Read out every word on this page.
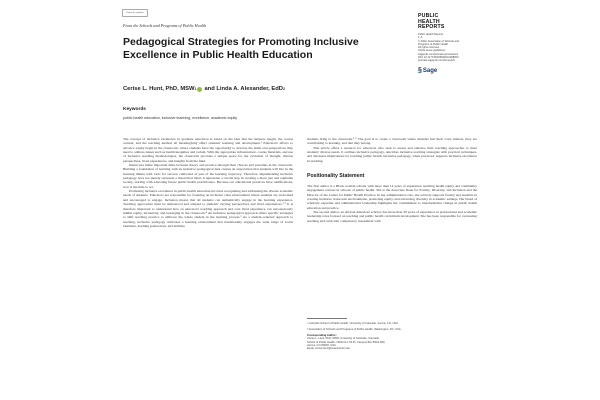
Check for updates
From the Schools and Programs of Public Health
PUBLIC
HEALTH
REPORTS
Public Health Reports
1–6
© 2024, Association of Schools and
Programs of Public Health
All rights reserved.
Article reuse guidelines:
sagepub.com/journals-permissions
DOI: 10.1177/00333549241268000
journals.sagepub.com/home/phr
§ Sage
Pedagogical Strategies for Promoting Inclusive Excellence in Public Health Education
Cerise L. Hunt, PhD, MSW 1 and Linda A. Alexander, EdD 2
Keywords
public health education, inclusive teaching, excellence, academic equity

The concept of inclusive excellence in graduate education is based on the idea that the subjects taught, the course content, and the teaching method all meaningfully affect students' learning and development.¹ Educators' efforts to advance equity begin in the classroom, where students have the opportunity to develop the skills and perspectives they need to address issues such as health inequities and racism. With the appropriate infrastructure, course materials, and use of inclusive teaching methodologies, the classroom provides a unique space for the evolution of thought, diverse perspectives, lived experiences, and insights from the field.

Instructors make important links between theory and practice through their choices and priorities in the classroom. Building a foundation of learning with an inclusive pedagogical lens creates an expectation that students will live in the learning milieu with tools for success cultivated as part of the learning trajectory. Therefore, implementing inclusive pedagogy does not merely represent a theoretical ideal; it represents a crucial step in creating a more just and equitable society, starting with educating future public health practitioners. Because our educational practices have ramifications, now is the time to act.

Promoting inclusive excellence in public health education involves recognizing and addressing the diverse academic needs of students. Educators are responsible for fostering an inclusive class environment where students are welcomed and encouraged to engage. Inclusion means that all students can authentically engage in the learning experience. Teaching approaches must be understood and adapted to students' varying perspectives and lived experiences.²·³ It is therefore important to understand how an educator's teaching approach and own lived experience can unconsciously inhibit equity, inclusivity, and belonging in the classroom.⁴ An inclusive pedagogical approach offers specific strategies to shift teaching practice to embrace the whole student in the learning process.⁵ As a student-centered approach to teaching, inclusive pedagogy cultivates a learning environment that intentionally engages the wide range of social identities, learning preferences, and abilities

students bring to the classroom.⁵·⁶ The goal is to create a classroom where students feel their voice matters, they are contributing to learning, and that they belong.

This article offers a resource for educators who seek to assess and enhance their teaching approaches to meet students' diverse needs. It outlines inclusive pedagogy, describes inclusive teaching strategies with practical techniques, and discusses implications for teaching public health. Inclusive pedagogy, when practiced, supports inclusive excellence in teaching.

Positionality Statement

The first author is a Black woman scholar with more than 14 years of experience teaching health equity and community engagement courses in schools of public health. She is the Associate Dean for Faculty, Diversity, and Inclusion and the Director of the Center for Public Health Practice. In her administrative role, she actively supports faculty and students in creating inclusive classroom environments, promoting equity, and advancing diversity in academic settings. Her blend of scholarly expertise and administrative leadership highlights her commitment to transformative change in public health education and practice.

The second author, an African American scholar, has more than 30 years of experience in professional and academic leadership roles focused on teaching and public health curriculum development. She has been responsible for overseeing teaching and curricular competency assessment with

¹ Colorado School of Public Health, University of Colorado, Aurora, CO, USA
² Association of Schools and Programs of Public Health, Washington, DC, USA
Corresponding Author:
Cerise L. Hunt, PhD, MSW, University of Colorado, Colorado
School of Public Health, 13001 E 17th Pl, Campus Box B119-000,
Aurora, CO 80045, USA.
Email: cerise.hunt@cuanschutz.edu
